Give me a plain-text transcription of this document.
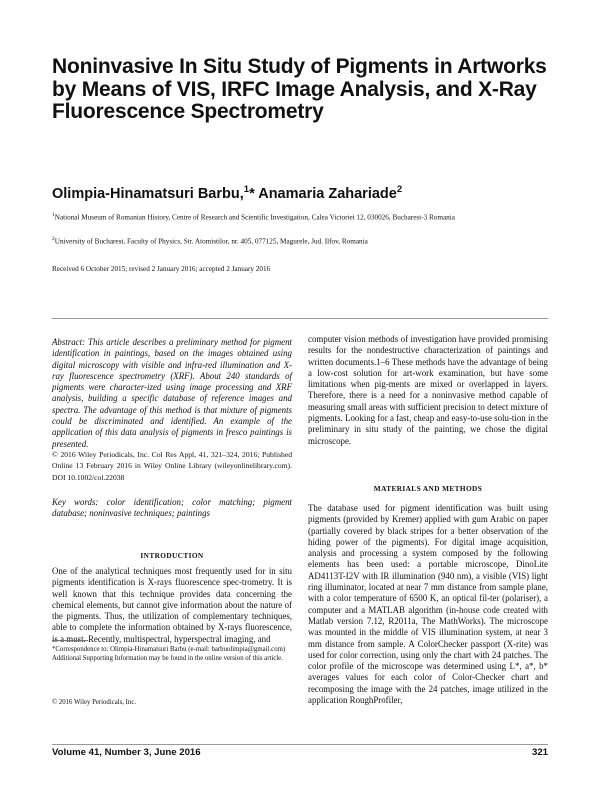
Noninvasive In Situ Study of Pigments in Artworks by Means of VIS, IRFC Image Analysis, and X-Ray Fluorescence Spectrometry
Olimpia-Hinamatsuri Barbu,$^1$* Anamaria Zahariade$^2$
$^1$National Museum of Romanian History, Centre of Research and Scientific Investigation, Calea Victoriei 12, 030026, Bucharest-3 Romania
$^2$University of Bucharest, Faculty of Physics, Str. Atomistilor, nr. 405, 077125, Magurele, Jud. Ilfov, Romania
Received 6 October 2015; revised 2 January 2016; accepted 2 January 2016

Abstract: This article describes a preliminary method for pigment identification in paintings, based on the images obtained using digital microscopy with visible and infra-red illumination and X-ray fluorescence spectrometry (XRF). About 240 standards of pigments were character-ized using image processing and XRF analysis, building a specific database of reference images and spectra. The advantage of this method is that mixture of pigments could be discriminated and identified. An example of the application of this data analysis of pigments in fresco paintings is presented.

© 2016 Wiley Periodicals, Inc. Col Res Appl, 41, 321–324, 2016; Published Online 13 February 2016 in Wiley Online Library (wileyonlinelibrary.com). DOI 10.1002/col.22038

Key words: color identification; color matching; pigment database; noninvasive techniques; paintings

INTRODUCTION

One of the analytical techniques most frequently used for in situ pigments identification is X-rays fluorescence spec-trometry. It is well known that this technique provides data concerning the chemical elements, but cannot give information about the nature of the pigments. Thus, the utilization of complementary techniques, able to complete the information obtained by X-rays fluorescence, is a must. Recently, multispectral, hyperspectral imaging, and

computer vision methods of investigation have provided promising results for the nondestructive characterization of paintings and written documents.1–6 These methods have the advantage of being a low-cost solution for art-work examination, but have some limitations when pig-ments are mixed or overlapped in layers. Therefore, there is a need for a noninvasive method capable of measuring small areas with sufficient precision to detect mixture of pigments. Looking for a fast, cheap and easy-to-use solu-tion in the preliminary in situ study of the painting, we chose the digital microscope.

MATERIALS AND METHODS

The database used for pigment identification was built using pigments (provided by Kremer) applied with gum Arabic on paper (partially covered by black stripes for a better observation of the hiding power of the pigments). For digital image acquisition, analysis and processing a system composed by the following elements has been used: a portable microscope, DinoLite AD4113T-I2V with IR illumination (940 nm), a visible (VIS) light ring illuminator, located at near 7 mm distance from sample plane, with a color temperature of 6500 K, an optical fil-ter (polariser), a computer and a MATLAB algorithm (in-house code created with Matlab version 7.12, R2011a, The MathWorks). The microscope was mounted in the middle of VIS illumination system, at near 3 mm distance from sample. A ColorChecker passport (X-rite) was used for color correction, using only the chart with 24 patches. The color profile of the microscope was determined using L*, a*, b* averages values for each color of Color-Checker chart and recomposing the image with the 24 patches, image utilized in the application RoughProfiler,

*Correspondence to: Olimpia-Hinamatsuri Barbu (e-mail: barbuolimpia@gmail.com) Additional Supporting Information may be found in the online version of this article.

© 2016 Wiley Periodicals, Inc.
Volume 41, Number 3, June 2016	321
